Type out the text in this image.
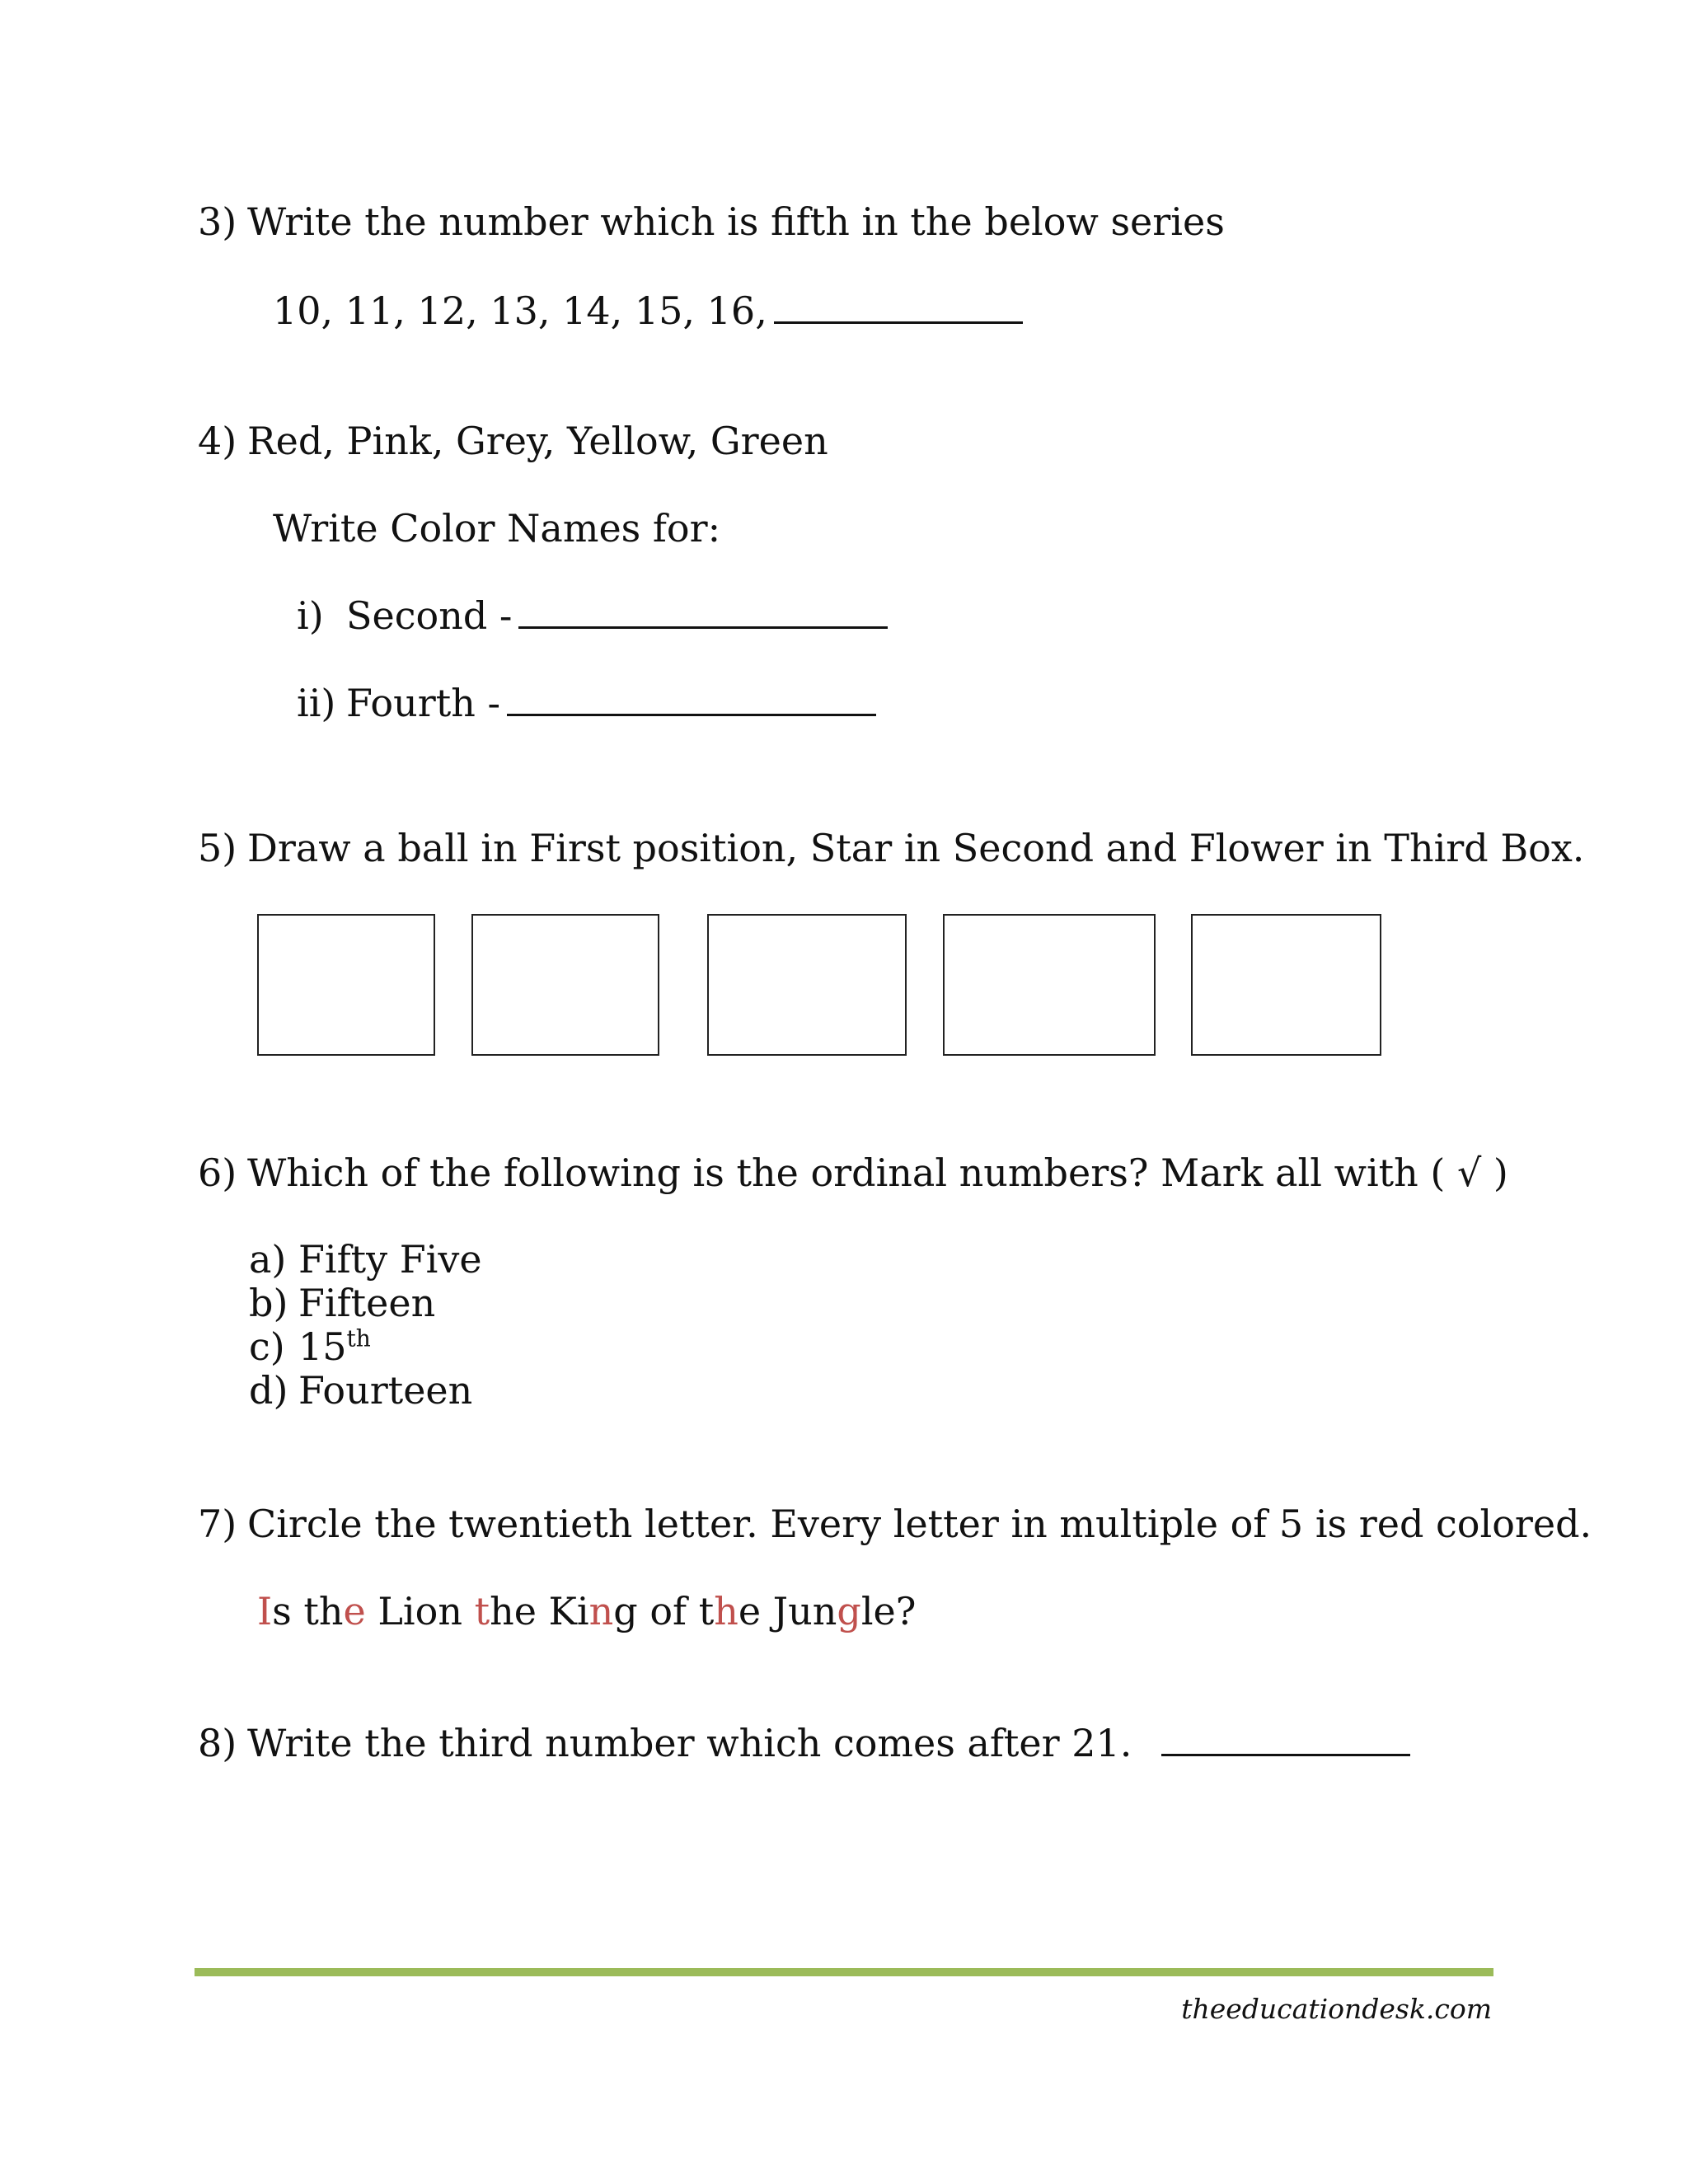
3) Write the number which is fifth in the below series
10, 11, 12, 13, 14, 15, 16,
4) Red, Pink, Grey, Yellow, Green
Write Color Names for:
i) Second -
ii) Fourth -
5) Draw a ball in First position, Star in Second and Flower in Third Box.
6) Which of the following is the ordinal numbers? Mark all with ( √ )
a) Fifty Five
b) Fifteen
c) 15th
d) Fourteen
7) Circle the twentieth letter. Every letter in multiple of 5 is red colored.
Is the Lion the King of the Jungle?
8) Write the third number which comes after 21.
theeducationdesk.com
